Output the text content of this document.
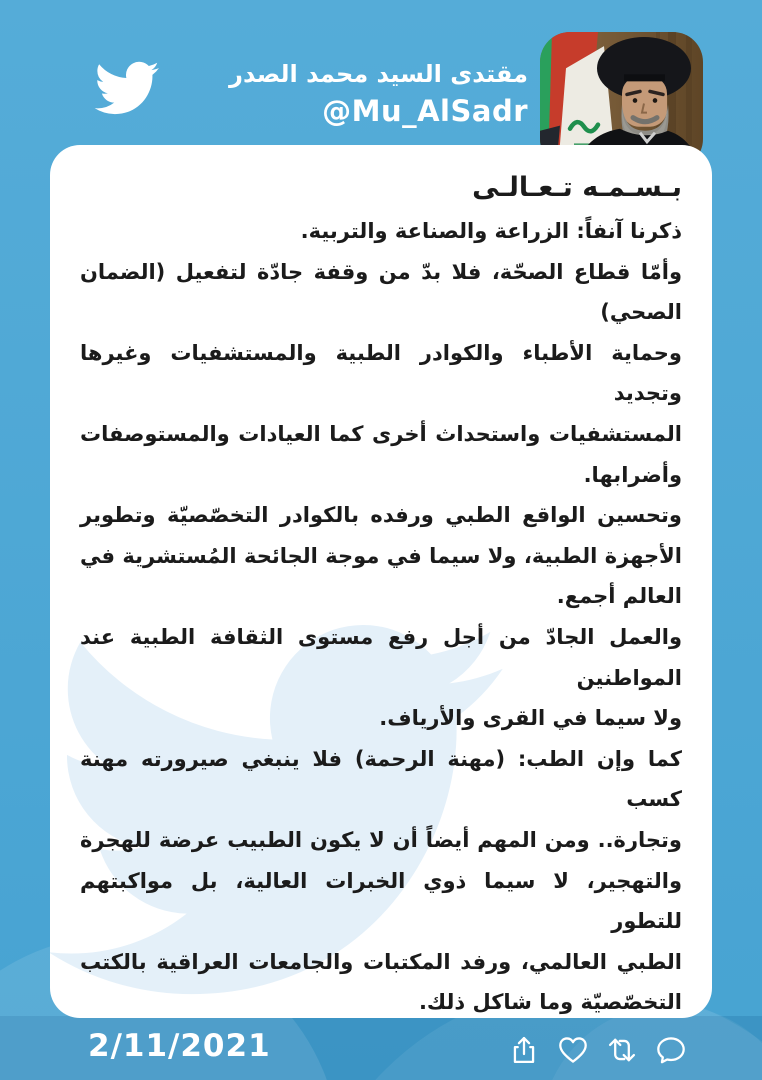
مقتدى السيد محمد الصدر
@Mu_AlSadr
بـسـمـه تـعـالـى
ذكرنا آنفاً: الزراعة والصناعة والتربية.
وأمّا قطاع الصحّة، فلا بدّ من وقفة جادّة لتفعيل (الضمان الصحي)
وحماية الأطباء والكوادر الطبية والمستشفيات وغيرها وتجديد
المستشفيات واستحداث أخرى كما العيادات والمستوصفات
وأضرابها.
وتحسين الواقع الطبي ورفده بالكوادر التخصّصيّة وتطوير
الأجهزة الطبية، ولا سيما في موجة الجائحة المُستشرية في
العالم أجمع.
والعمل الجادّ من أجل رفع مستوى الثقافة الطبية عند المواطنين
ولا سيما في القرى والأرياف.
كما وإن الطب: (مهنة الرحمة) فلا ينبغي صيرورته مهنة كسب
وتجارة.. ومن المهم أيضاً أن لا يكون الطبيب عرضة للهجرة
والتهجير، لا سيما ذوي الخبرات العالية، بل مواكبتهم للتطور
الطبي العالمي، ورفد المكتبات والجامعات العراقية بالكتب
التخصّصيّة وما شاكل ذلك.
2/11/2021
